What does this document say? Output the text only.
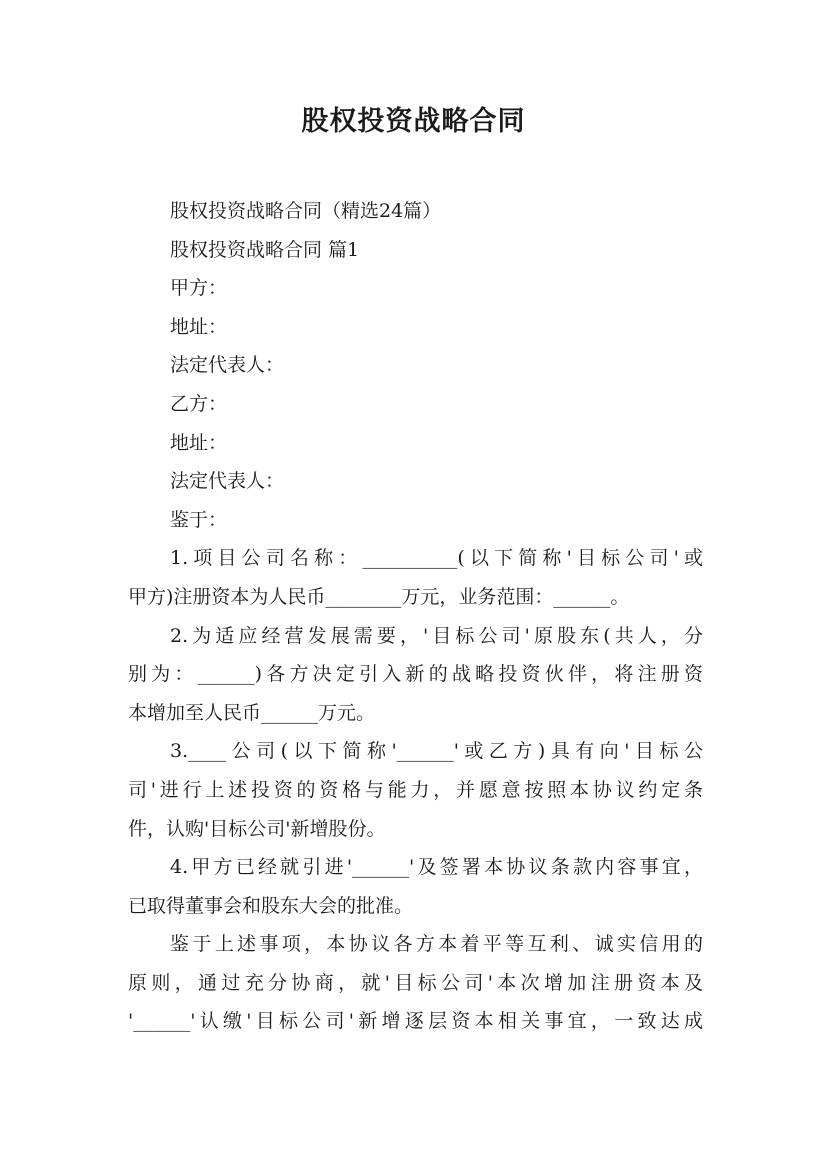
股权投资战略合同
股权投资战略合同（精选24篇）
股权投资战略合同 篇1
甲方：
地址：
法定代表人：
乙方：
地址：
法定代表人：
鉴于：
1.项目公司名称：__________(以下简称'目标公司'或
甲方)注册资本为人民币________万元，业务范围：______。
2.为适应经营发展需要，'目标公司'原股东(共人，分
别为：______)各方决定引入新的战略投资伙伴，将注册资
本增加至人民币______万元。
3.____公司(以下简称'______'或乙方)具有向'目标公
司'进行上述投资的资格与能力，并愿意按照本协议约定条
件，认购'目标公司'新增股份。
4.甲方已经就引进'______'及签署本协议条款内容事宜，
已取得董事会和股东大会的批准。
鉴于上述事项，本协议各方本着平等互利、诚实信用的
原则，通过充分协商，就'目标公司'本次增加注册资本及
'______'认缴'目标公司'新增逐层资本相关事宜，一致达成
